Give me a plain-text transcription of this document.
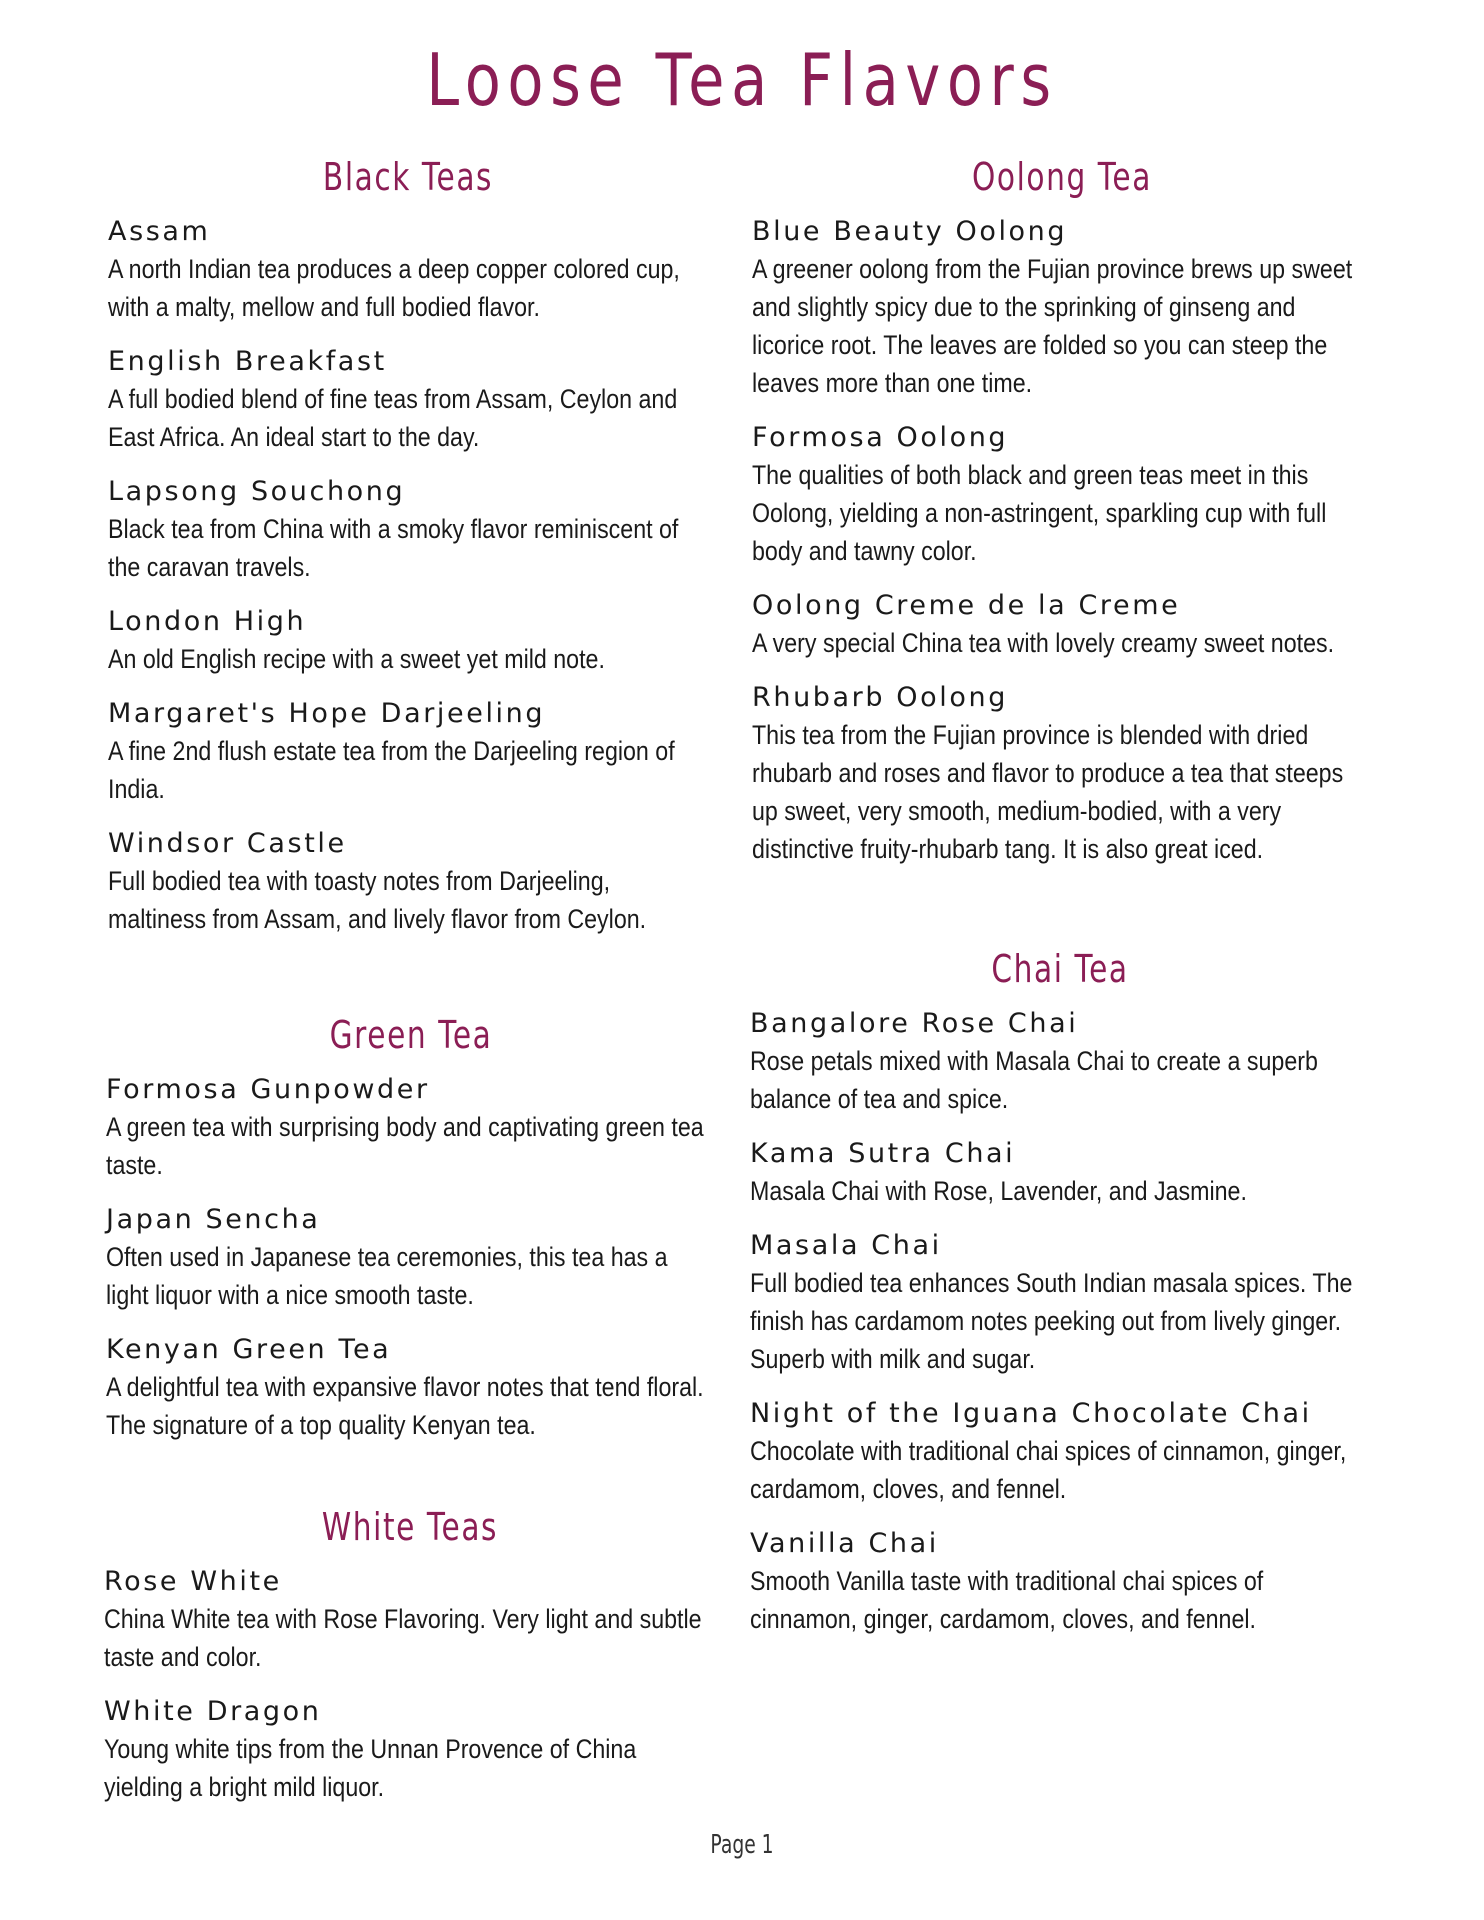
Loose Tea Flavors
Black Teas
Assam
A north Indian tea produces a deep copper colored cup, with a malty, mellow and full bodied flavor.
English Breakfast
A full bodied blend of fine teas from Assam, Ceylon and East Africa. An ideal start to the day.
Lapsong Souchong
Black tea from China with a smoky flavor reminiscent of the caravan travels.
London High
An old English recipe with a sweet yet mild note.
Margaret's Hope Darjeeling
A fine 2nd flush estate tea from the Darjeeling region of India.
Windsor Castle
Full bodied tea with toasty notes from Darjeeling, maltiness from Assam, and lively flavor from Ceylon.
Green Tea
Formosa Gunpowder
A green tea with surprising body and captivating green tea taste.
Japan Sencha
Often used in Japanese tea ceremonies, this tea has a light liquor with a nice smooth taste.
Kenyan Green Tea
A delightful tea with expansive flavor notes that tend floral. The signature of a top quality Kenyan tea.
White Teas
Rose White
China White tea with Rose Flavoring. Very light and subtle taste and color.
White Dragon
Young white tips from the Unnan Provence of China yielding a bright mild liquor.
Oolong Tea
Blue Beauty Oolong
A greener oolong from the Fujian province brews up sweet and slightly spicy due to the sprinking of ginseng and licorice root. The leaves are folded so you can steep the leaves more than one time.
Formosa Oolong
The qualities of both black and green teas meet in this Oolong, yielding a non-astringent, sparkling cup with full body and tawny color.
Oolong Creme de la Creme
A very special China tea with lovely creamy sweet notes.
Rhubarb Oolong
This tea from the Fujian province is blended with dried rhubarb and roses and flavor to produce a tea that steeps up sweet, very smooth, medium-bodied, with a very distinctive fruity-rhubarb tang. It is also great iced.
Chai Tea
Bangalore Rose Chai
Rose petals mixed with Masala Chai to create a superb balance of tea and spice.
Kama Sutra Chai
Masala Chai with Rose, Lavender, and Jasmine.
Masala Chai
Full bodied tea enhances South Indian masala spices. The finish has cardamom notes peeking out from lively ginger. Superb with milk and sugar.
Night of the Iguana Chocolate Chai
Chocolate with traditional chai spices of cinnamon, ginger, cardamom, cloves, and fennel.
Vanilla Chai
Smooth Vanilla taste with traditional chai spices of cinnamon, ginger, cardamom, cloves, and fennel.
Page 1
